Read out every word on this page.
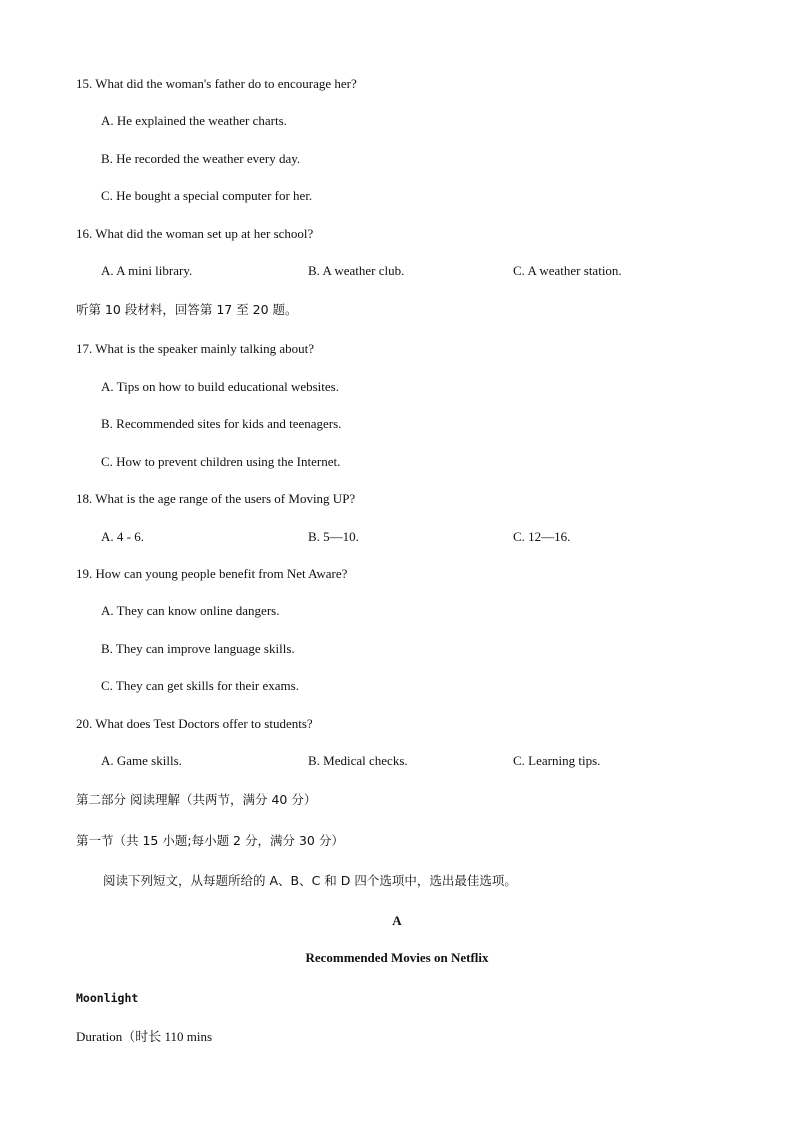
15. What did the woman's father do to encourage her?
A. He explained the weather charts.
B. He recorded the weather every day.
C. He bought a special computer for her.
16. What did the woman set up at her school?
A. A mini library.	B. A weather club.	C. A weather station.
听第 10 段材料，回答第 17 至 20 题。
17. What is the speaker mainly talking about?
A. Tips on how to build educational websites.
B. Recommended sites for kids and teenagers.
C. How to prevent children using the Internet.
18. What is the age range of the users of Moving UP?
A. 4 - 6.	B. 5—10.	C. 12—16.
19. How can young people benefit from Net Aware?
A. They can know online dangers.
B. They can improve language skills.
C. They can get skills for their exams.
20. What does Test Doctors offer to students?
A. Game skills.	B. Medical checks.	C. Learning tips.
第二部分 阅读理解（共两节，满分 40 分）
第一节（共 15 小题;每小题 2 分，满分 30 分）
阅读下列短文，从每题所给的 A、B、C 和 D 四个选项中，选出最佳选项。
A
Recommended Movies on Netflix
Moonlight
Duration（时长 110 mins
